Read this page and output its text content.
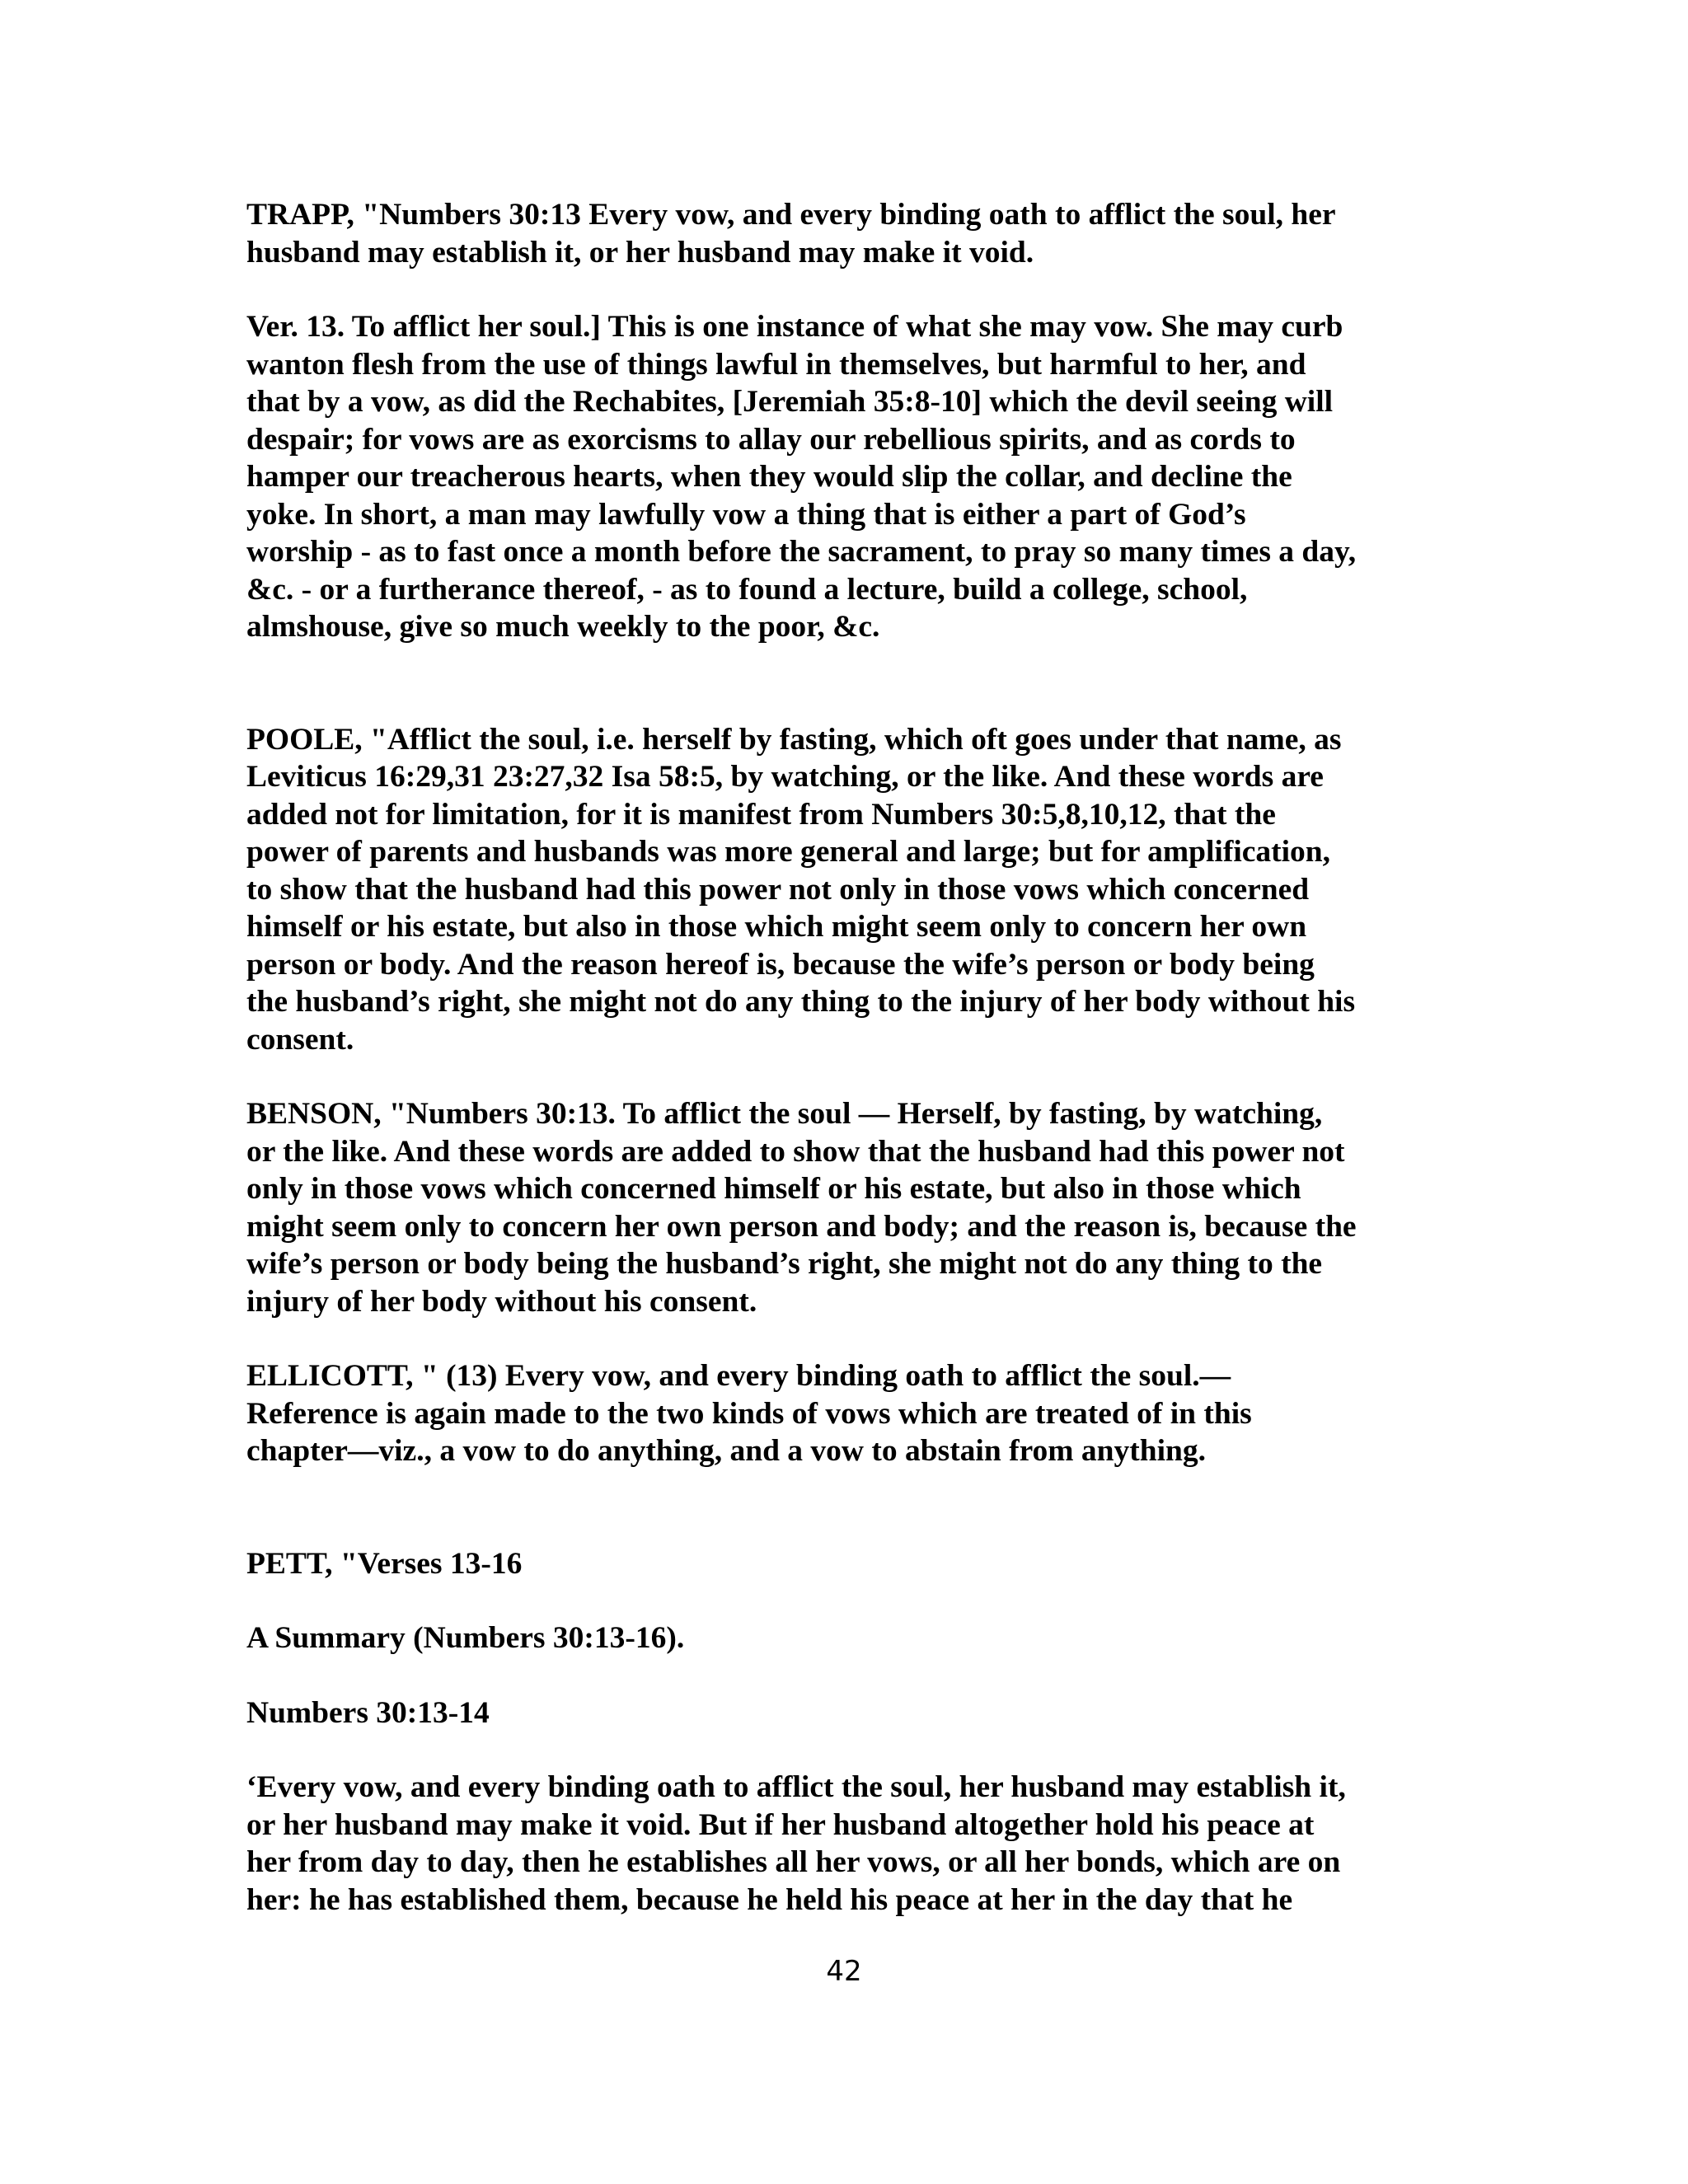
TRAPP, "Numbers 30:13 Every vow, and every binding oath to afflict the soul, her
husband may establish it, or her husband may make it void.

Ver. 13. To afflict her soul.] This is one instance of what she may vow. She may curb
wanton flesh from the use of things lawful in themselves, but harmful to her, and
that by a vow, as did the Rechabites, [Jeremiah 35:8-10] which the devil seeing will
despair; for vows are as exorcisms to allay our rebellious spirits, and as cords to
hamper our treacherous hearts, when they would slip the collar, and decline the
yoke. In short, a man may lawfully vow a thing that is either a part of God’s
worship - as to fast once a month before the sacrament, to pray so many times a day,
&c. - or a furtherance thereof, - as to found a lecture, build a college, school,
almshouse, give so much weekly to the poor, &c.

POOLE, "Afflict the soul, i.e. herself by fasting, which oft goes under that name, as
Leviticus 16:29,31 23:27,32 Isa 58:5, by watching, or the like. And these words are
added not for limitation, for it is manifest from Numbers 30:5,8,10,12, that the
power of parents and husbands was more general and large; but for amplification,
to show that the husband had this power not only in those vows which concerned
himself or his estate, but also in those which might seem only to concern her own
person or body. And the reason hereof is, because the wife’s person or body being
the husband’s right, she might not do any thing to the injury of her body without his
consent.

BENSON, "Numbers 30:13. To afflict the soul — Herself, by fasting, by watching,
or the like. And these words are added to show that the husband had this power not
only in those vows which concerned himself or his estate, but also in those which
might seem only to concern her own person and body; and the reason is, because the
wife’s person or body being the husband’s right, she might not do any thing to the
injury of her body without his consent.

ELLICOTT, " (13) Every vow, and every binding oath to afflict the soul.—
Reference is again made to the two kinds of vows which are treated of in this
chapter—viz., a vow to do anything, and a vow to abstain from anything.

PETT, "Verses 13-16

A Summary (Numbers 30:13-16).

Numbers 30:13-14

‘Every vow, and every binding oath to afflict the soul, her husband may establish it,
or her husband may make it void. But if her husband altogether hold his peace at
her from day to day, then he establishes all her vows, or all her bonds, which are on
her: he has established them, because he held his peace at her in the day that he

42
